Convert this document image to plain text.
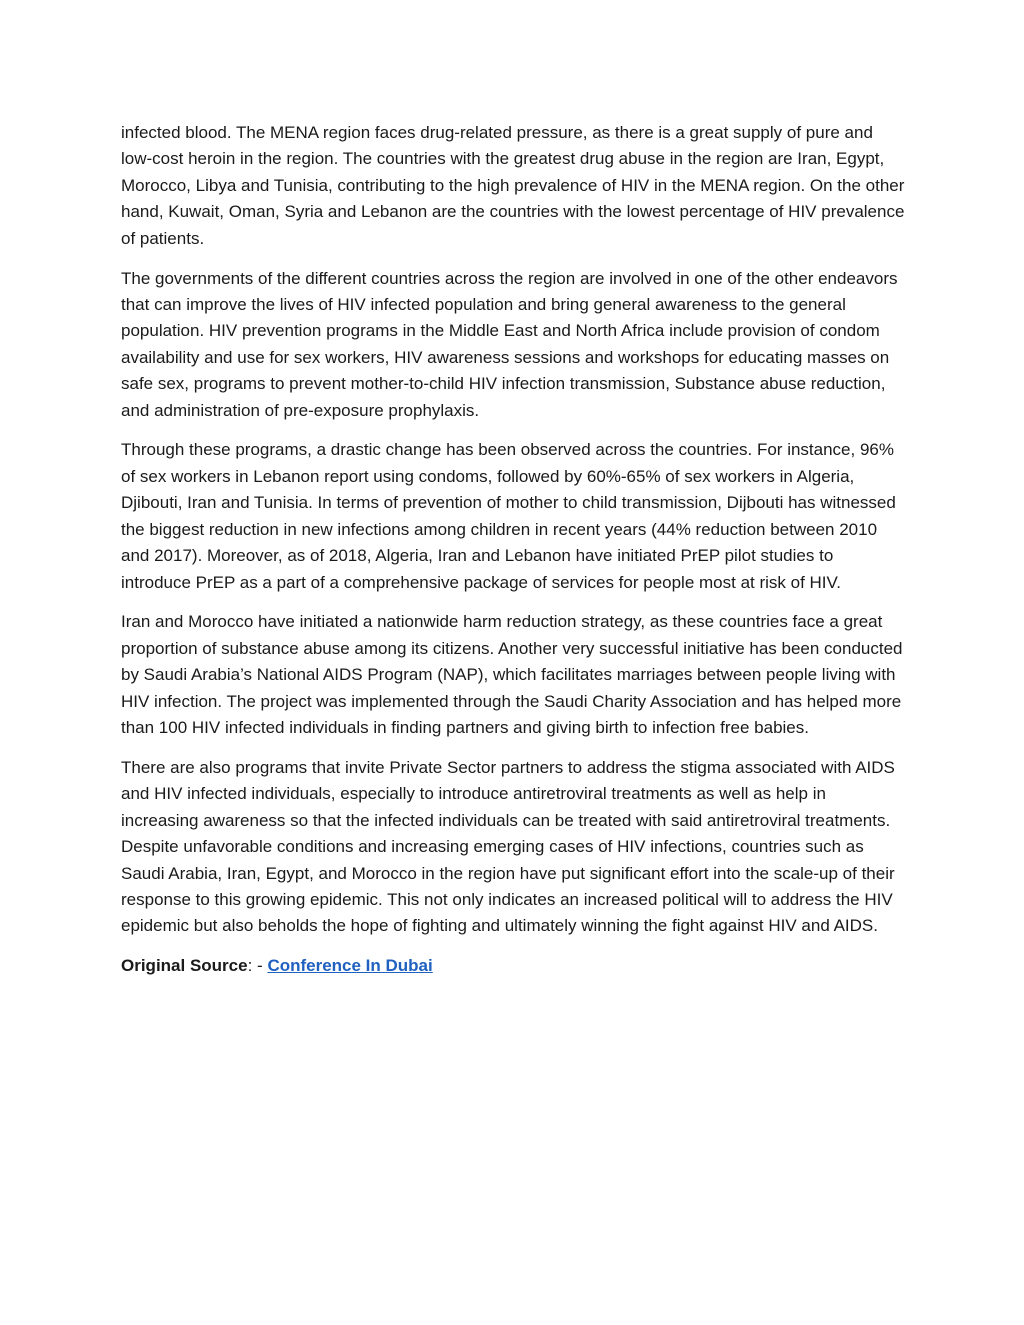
infected blood. The MENA region faces drug-related pressure, as there is a great supply of pure and low-cost heroin in the region. The countries with the greatest drug abuse in the region are Iran, Egypt, Morocco, Libya and Tunisia, contributing to the high prevalence of HIV in the MENA region. On the other hand, Kuwait, Oman, Syria and Lebanon are the countries with the lowest percentage of HIV prevalence of patients.

The governments of the different countries across the region are involved in one of the other endeavors that can improve the lives of HIV infected population and bring general awareness to the general population. HIV prevention programs in the Middle East and North Africa include provision of condom availability and use for sex workers, HIV awareness sessions and workshops for educating masses on safe sex, programs to prevent mother-to-child HIV infection transmission, Substance abuse reduction, and administration of pre-exposure prophylaxis.

Through these programs, a drastic change has been observed across the countries. For instance, 96% of sex workers in Lebanon report using condoms, followed by 60%-65% of sex workers in Algeria, Djibouti, Iran and Tunisia. In terms of prevention of mother to child transmission, Dijbouti has witnessed the biggest reduction in new infections among children in recent years (44% reduction between 2010 and 2017). Moreover, as of 2018, Algeria, Iran and Lebanon have initiated PrEP pilot studies to introduce PrEP as a part of a comprehensive package of services for people most at risk of HIV.

Iran and Morocco have initiated a nationwide harm reduction strategy, as these countries face a great proportion of substance abuse among its citizens. Another very successful initiative has been conducted by Saudi Arabia’s National AIDS Program (NAP), which facilitates marriages between people living with HIV infection. The project was implemented through the Saudi Charity Association and has helped more than 100 HIV infected individuals in finding partners and giving birth to infection free babies.

There are also programs that invite Private Sector partners to address the stigma associated with AIDS and HIV infected individuals, especially to introduce antiretroviral treatments as well as help in increasing awareness so that the infected individuals can be treated with said antiretroviral treatments. Despite unfavorable conditions and increasing emerging cases of HIV infections, countries such as Saudi Arabia, Iran, Egypt, and Morocco in the region have put significant effort into the scale-up of their response to this growing epidemic. This not only indicates an increased political will to address the HIV epidemic but also beholds the hope of fighting and ultimately winning the fight against HIV and AIDS.

Original Source: - Conference In Dubai
